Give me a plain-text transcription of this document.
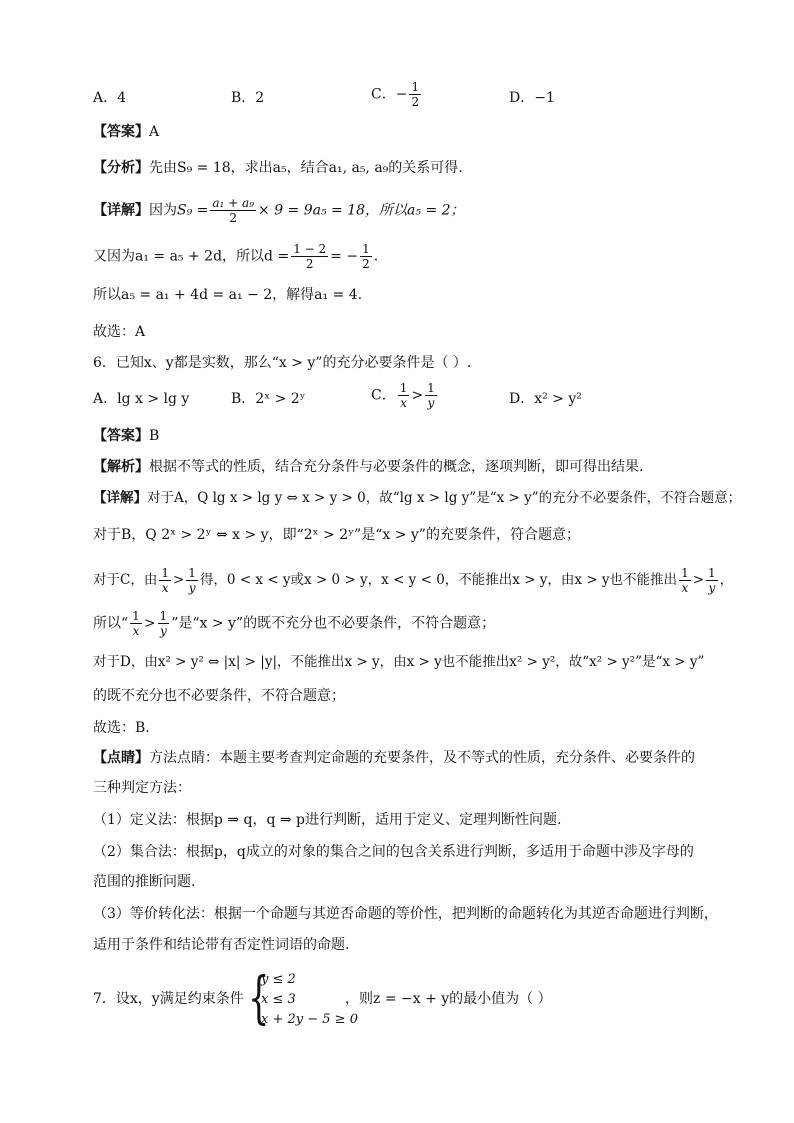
A．4	B．2	C．− $\frac{1}{2}$	D．−1
【答案】A
【分析】先由S₉ = 18，求出a₅，结合a₁, a₅, a₉的关系可得.
【详解】因为$S_9 = \frac{\text{a₁ + a₉}}{2} \times 9 = 9a_5 = 18$，所以a₅ = 2；
又因为a₁ = a₅ + 2d，所以$d = \frac{1 - 2}{2}$ = − $\frac{1}{2}$ .
所以a₅ = a₁ + 4d = a₁ − 2，解得a₁ = 4.
故选：A
6．已知x、y都是实数，那么“x > y”的充分必要条件是（ ）.
A．lg x > lg y	B．2ˣ > 2ʸ	C． $\frac{1}{x} > \frac{1}{y}$	D．x² > y²
【答案】B
【解析】根据不等式的性质，结合充分条件与必要条件的概念，逐项判断，即可得出结果.
【详解】对于A，Q lg x > lg y ⇔ x > y > 0，故“lg x > lg y”是“x > y”的充分不必要条件，不符合题意；
对于B，Q 2ˣ > 2ʸ ⇔ x > y，即“2ˣ > 2ʸ”是“x > y”的充要条件，符合题意；
对于C，由 $\frac{1}{x} > \frac{1}{y}$ 得，0 < x < y或x > 0 > y，x < y < 0，不能推出x > y，由x > y也不能推出 $\frac{1}{x} > \frac{1}{y}$ ，
所以“ $\frac{1}{x} > \frac{1}{y}$ ”是“x > y”的既不充分也不必要条件，不符合题意；
对于D，由x² > y² ⇔ |x| > |y|，不能推出x > y，由x > y也不能推出x² > y²，故“x² > y²”是“x > y”
的既不充分也不必要条件，不符合题意；
故选：B.
【点睛】方法点睛：本题主要考查判定命题的充要条件，及不等式的性质，充分条件、必要条件的
三种判定方法：
（1）定义法：根据p ⇒ q，q ⇒ p进行判断，适用于定义、定理判断性问题.
（2）集合法：根据p，q成立的对象的集合之间的包含关系进行判断，多适用于命题中涉及字母的
范围的推断问题.
（3）等价转化法：根据一个命题与其逆否命题的等价性，把判断的命题转化为其逆否命题进行判断，
适用于条件和结论带有否定性词语的命题.
7．设x，y满足约束条件 {
y ≤ 2
x ≤ 3
x + 2y − 5 ≥ 0
，则z = −x + y的最小值为（ ）
